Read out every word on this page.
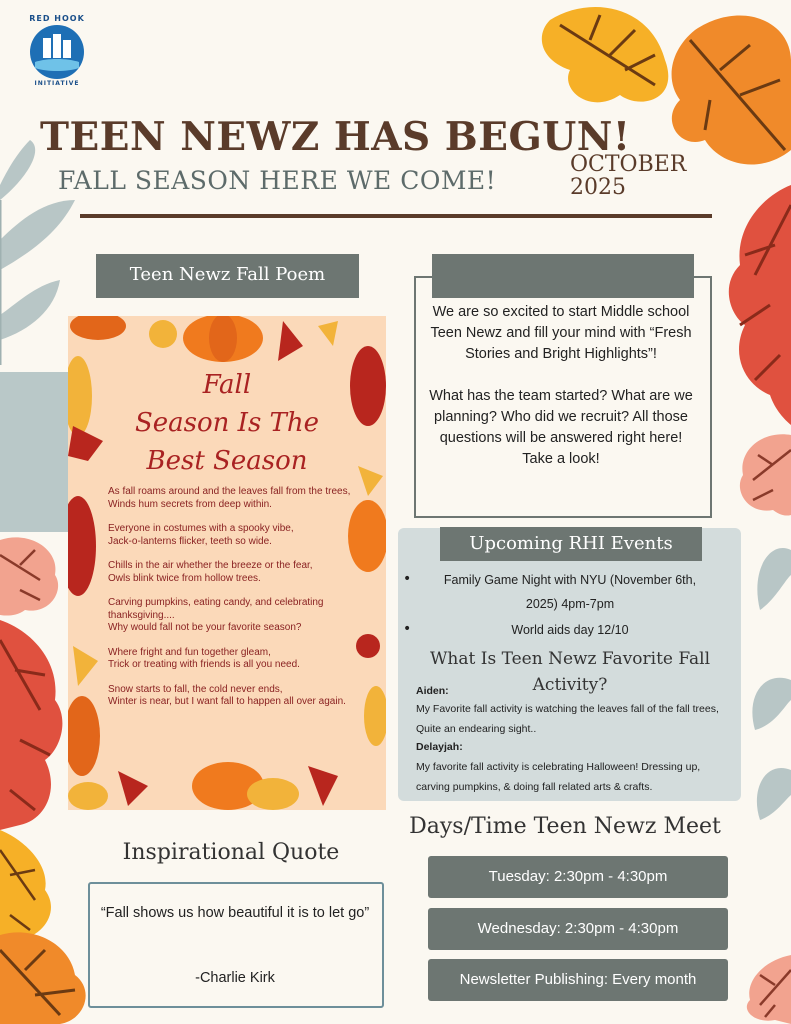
RED HOOK
INITIATIVE
TEEN NEWZ HAS BEGUN!
FALL SEASON HERE WE COME!
OCTOBER
2025
Teen Newz Fall Poem
Fall
Season Is The
Best Season

As fall roams around and the leaves fall from the trees,
Winds hum secrets from deep within.

Everyone in costumes with a spooky vibe,
Jack-o-lanterns flicker, teeth so wide.

Chills in the air whether the breeze or the fear,
Owls blink twice from hollow trees.

Carving pumpkins, eating candy, and celebrating thanksgiving....
Why would fall not be your favorite season?

Where fright and fun together gleam,
Trick or treating with friends is all you need.

Snow starts to fall, the cold never ends,
Winter is near, but I want fall to happen all over again.

We are so excited to start Middle school Teen Newz and fill your mind with “Fresh Stories and Bright Highlights”!

What has the team started? What are we planning? Who did we recruit? All those questions will be answered right here! Take a look!

Upcoming RHI Events
•	Family Game Night with NYU (November 6th,
2025) 4pm-7pm
•	World aids day 12/10
What Is Teen Newz Favorite Fall
Activity?
Aiden:
My Favorite fall activity is watching the leaves fall of the fall trees, Quite an endearing sight..
Delayjah:
My favorite fall activity is celebrating Halloween! Dressing up, carving pumpkins, & doing fall related arts & crafts.
Days/Time Teen Newz Meet
Tuesday: 2:30pm - 4:30pm
Wednesday: 2:30pm - 4:30pm
Newsletter Publishing: Every month
Inspirational Quote
“Fall shows us how beautiful it is to let go”
-Charlie Kirk
